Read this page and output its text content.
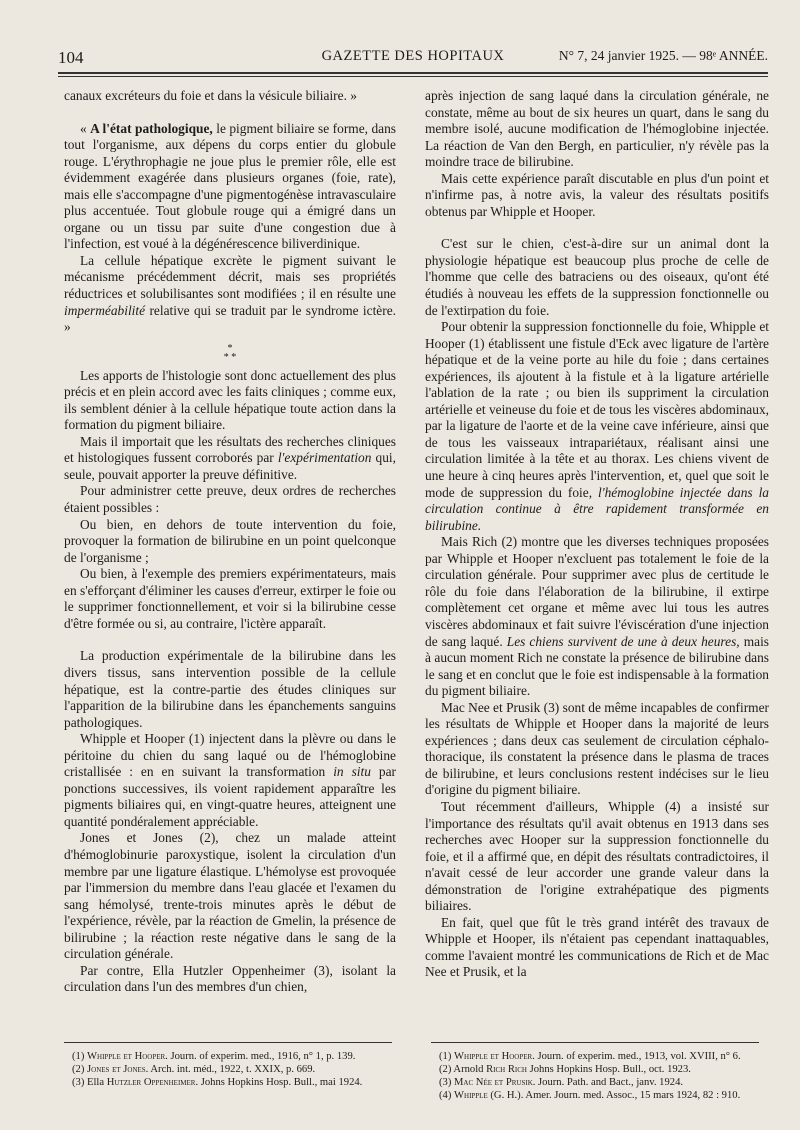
104	GAZETTE DES HOPITAUX	N° 7, 24 janvier 1925. — 98ᵉ ANNÉE.

canaux excréteurs du foie et dans la vésicule biliaire. »

« A l'état pathologique, le pigment biliaire se forme, dans tout l'organisme, aux dépens du corps entier du globule rouge. L'érythrophagie ne joue plus le premier rôle, elle est évidemment exagérée dans plusieurs organes (foie, rate), mais elle s'accompagne d'une pigmentogénèse intravasculaire plus accentuée. Tout globule rouge qui a émigré dans un organe ou un tissu par suite d'une congestion due à l'infection, est voué à la dégénérescence biliverdinique.

La cellule hépatique excrète le pigment suivant le mécanisme précédemment décrit, mais ses propriétés réductrices et solubilisantes sont modifiées ; il en résulte une imperméabilité relative qui se traduit par le syndrome ictère. »

*
* *

Les apports de l'histologie sont donc actuellement des plus précis et en plein accord avec les faits cliniques ; comme eux, ils semblent dénier à la cellule hépatique toute action dans la formation du pigment biliaire.

Mais il importait que les résultats des recherches cliniques et histologiques fussent corroborés par l'expérimentation qui, seule, pouvait apporter la preuve définitive.

Pour administrer cette preuve, deux ordres de recherches étaient possibles :

Ou bien, en dehors de toute intervention du foie, provoquer la formation de bilirubine en un point quelconque de l'organisme ;

Ou bien, à l'exemple des premiers expérimentateurs, mais en s'efforçant d'éliminer les causes d'erreur, extirper le foie ou le supprimer fonctionnellement, et voir si la bilirubine cesse d'être formée ou si, au contraire, l'ictère apparaît.

La production expérimentale de la bilirubine dans les divers tissus, sans intervention possible de la cellule hépatique, est la contre-partie des études cliniques sur l'apparition de la bilirubine dans les épanchements sanguins pathologiques.

Whipple et Hooper (1) injectent dans la plèvre ou dans le péritoine du chien du sang laqué ou de l'hémoglobine cristallisée : en en suivant la transformation in situ par ponctions successives, ils voient rapidement apparaître les pigments biliaires qui, en vingt-quatre heures, atteignent une quantité pondéralement appréciable.

Jones et Jones (2), chez un malade atteint d'hémoglobinurie paroxystique, isolent la circulation d'un membre par une ligature élastique. L'hémolyse est provoquée par l'immersion du membre dans l'eau glacée et l'examen du sang hémolysé, trente-trois minutes après le début de l'expérience, révèle, par la réaction de Gmelin, la présence de bilirubine ; la réaction reste négative dans le sang de la circulation générale.

Par contre, Ella Hutzler Oppenheimer (3), isolant la circulation dans l'un des membres d'un chien,

après injection de sang laqué dans la circulation générale, ne constate, même au bout de six heures un quart, dans le sang du membre isolé, aucune modification de l'hémoglobine injectée. La réaction de Van den Bergh, en particulier, n'y révèle pas la moindre trace de bilirubine.

Mais cette expérience paraît discutable en plus d'un point et n'infirme pas, à notre avis, la valeur des résultats positifs obtenus par Whipple et Hooper.

C'est sur le chien, c'est-à-dire sur un animal dont la physiologie hépatique est beaucoup plus proche de celle de l'homme que celle des batraciens ou des oiseaux, qu'ont été étudiés à nouveau les effets de la suppression fonctionnelle ou de l'extirpation du foie.

Pour obtenir la suppression fonctionnelle du foie, Whipple et Hooper (1) établissent une fistule d'Eck avec ligature de l'artère hépatique et de la veine porte au hile du foie ; dans certaines expériences, ils ajoutent à la fistule et à la ligature artérielle l'ablation de la rate ; ou bien ils suppriment la circulation artérielle et veineuse du foie et de tous les viscères abdominaux, par la ligature de l'aorte et de la veine cave inférieure, ainsi que de tous les vaisseaux intrapariétaux, réalisant ainsi une circulation limitée à la tête et au thorax. Les chiens vivent de une heure à cinq heures après l'intervention, et, quel que soit le mode de suppression du foie, l'hémoglobine injectée dans la circulation continue à être rapidement transformée en bilirubine.

Mais Rich (2) montre que les diverses techniques proposées par Whipple et Hooper n'excluent pas totalement le foie de la circulation générale. Pour supprimer avec plus de certitude le rôle du foie dans l'élaboration de la bilirubine, il extirpe complètement cet organe et même avec lui tous les autres viscères abdominaux et fait suivre l'éviscération d'une injection de sang laqué. Les chiens survivent de une à deux heures, mais à aucun moment Rich ne constate la présence de bilirubine dans le sang et en conclut que le foie est indispensable à la formation du pigment biliaire.

Mac Nee et Prusik (3) sont de même incapables de confirmer les résultats de Whipple et Hooper dans la majorité de leurs expériences ; dans deux cas seulement de circulation céphalo-thoracique, ils constatent la présence dans le plasma de traces de bilirubine, et leurs conclusions restent indécises sur le lieu d'origine du pigment biliaire.

Tout récemment d'ailleurs, Whipple (4) a insisté sur l'importance des résultats qu'il avait obtenus en 1913 dans ses recherches avec Hooper sur la suppression fonctionnelle du foie, et il a affirmé que, en dépit des résultats contradictoires, il n'avait cessé de leur accorder une grande valeur dans la démonstration de l'origine extrahépatique des pigments biliaires.

En fait, quel que fût le très grand intérêt des travaux de Whipple et Hooper, ils n'étaient pas cependant inattaquables, comme l'avaient montré les communications de Rich et de Mac Nee et Prusik, et la

(1) Whipple et Hooper. Journ. of experim. med., 1916, n° 1, p. 139.
(2) Jones et Jones. Arch. int. méd., 1922, t. XXIX, p. 669.
(3) Ella Hutzler Oppenheimer. Johns Hopkins Hosp. Bull., mai 1924.
(1) Whipple et Hooper. Journ. of experim. med., 1913, vol. XVIII, n° 6.
(2) Arnold Rich Rich Johns Hopkins Hosp. Bull., oct. 1923.
(3) Mac Née et Prusik. Journ. Path. and Bact., janv. 1924.
(4) Whipple (G. H.). Amer. Journ. med. Assoc., 15 mars 1924, 82 : 910.
